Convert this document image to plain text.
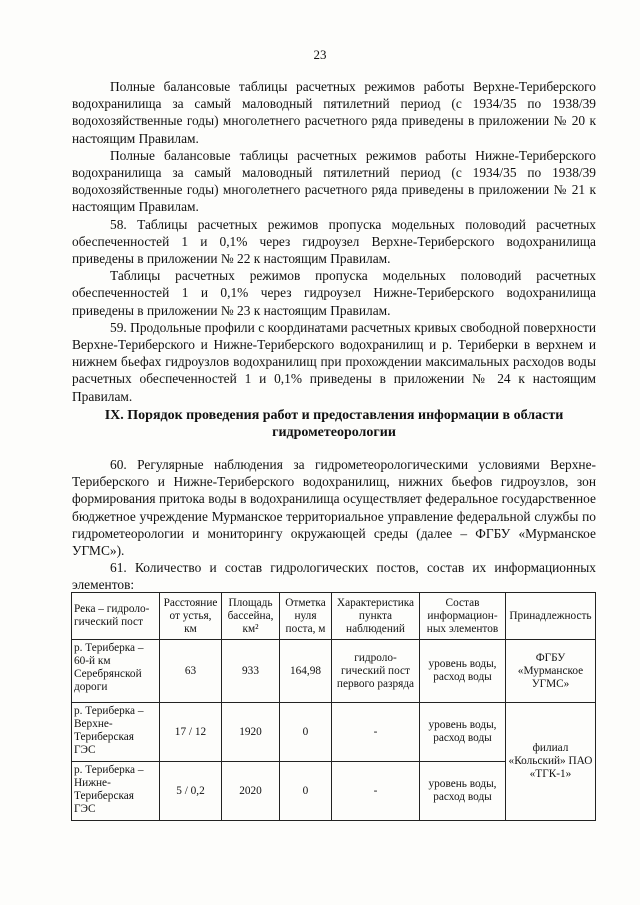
23

Полные балансовые таблицы расчетных режимов работы Верхне-Териберского водохранилища за самый маловодный пятилетний период (с 1934/35 по 1938/39 водохозяйственные годы) многолетнего расчетного ряда приведены в приложении № 20 к настоящим Правилам.

Полные балансовые таблицы расчетных режимов работы Нижне-Териберского водохранилища за самый маловодный пятилетний период (с 1934/35 по 1938/39 водохозяйственные годы) многолетнего расчетного ряда приведены в приложении № 21 к настоящим Правилам.

58. Таблицы расчетных режимов пропуска модельных половодий расчетных обеспеченностей 1 и 0,1% через гидроузел Верхне-Териберского водохранилища приведены в приложении № 22 к настоящим Правилам.

Таблицы расчетных режимов пропуска модельных половодий расчетных обеспеченностей 1 и 0,1% через гидроузел Нижне-Териберского водохранилища приведены в приложении № 23 к настоящим Правилам.

59. Продольные профили с координатами расчетных кривых свободной поверхности Верхне-Териберского и Нижне-Териберского водохранилищ и р. Териберки в верхнем и нижнем бьефах гидроузлов водохранилищ при прохождении максимальных расходов воды расчетных обеспеченностей 1 и 0,1% приведены в приложении № 24 к настоящим Правилам.

IX. Порядок проведения работ и предоставления информации в области гидрометеорологии

60. Регулярные наблюдения за гидрометеорологическими условиями Верхне-Териберского и Нижне-Териберского водохранилищ, нижних бьефов гидроузлов, зон формирования притока воды в водохранилища осуществляет федеральное государственное бюджетное учреждение Мурманское территориальное управление федеральной службы по гидрометеорологии и мониторингу окружающей среды (далее – ФГБУ «Мурманское УГМС»).

61. Количество и состав гидрологических постов, состав их информационных элементов:

Река – гидроло-гический пост	Расстояние от устья, км	Площадь бассейна, км²	Отметка нуля поста, м	Характеристика пункта наблюдений	Состав информацион-ных элементов	Принадлежность
р. Териберка – 60-й км Серебрянской дороги	63	933	164,98	гидроло-гический пост первого разряда	уровень воды, расход воды	ФГБУ «Мурманское УГМС»
р. Териберка – Верхне-Териберская ГЭС	17 / 12	1920	0	-	уровень воды, расход воды	филиал «Кольский» ПАО «ТГК-1»
р. Териберка – Нижне-Териберская ГЭС	5 / 0,2	2020	0	-	уровень воды, расход воды	
